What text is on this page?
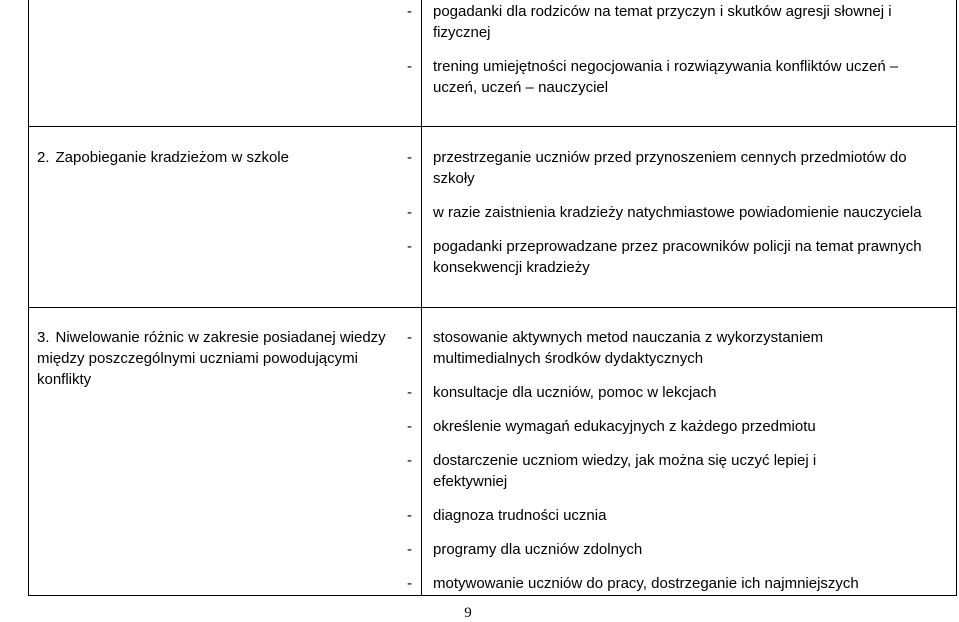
- pogadanki dla rodziców na temat przyczyn i skutków agresji słownej i fizycznej
- trening umiejętności negocjowania i rozwiązywania konfliktów uczeń – uczeń, uczeń – nauczyciel
2. Zapobieganie kradzieżom w szkole	- przestrzeganie uczniów przed przynoszeniem cennych przedmiotów do szkoły
- w razie zaistnienia kradzieży natychmiastowe powiadomienie nauczyciela
- pogadanki przeprowadzane przez pracowników policji na temat prawnych konsekwencji kradzieży
3. Niwelowanie różnic w zakresie posiadanej wiedzy między poszczególnymi uczniami powodującymi konflikty
- stosowanie aktywnych metod nauczania z wykorzystaniem multimedialnych środków dydaktycznych
- konsultacje dla uczniów, pomoc w lekcjach
- określenie wymagań edukacyjnych z każdego przedmiotu
- dostarczenie uczniom wiedzy, jak można się uczyć lepiej i efektywniej
- diagnoza trudności ucznia
- programy dla uczniów zdolnych
- motywowanie uczniów do pracy, dostrzeganie ich najmniejszych
9
